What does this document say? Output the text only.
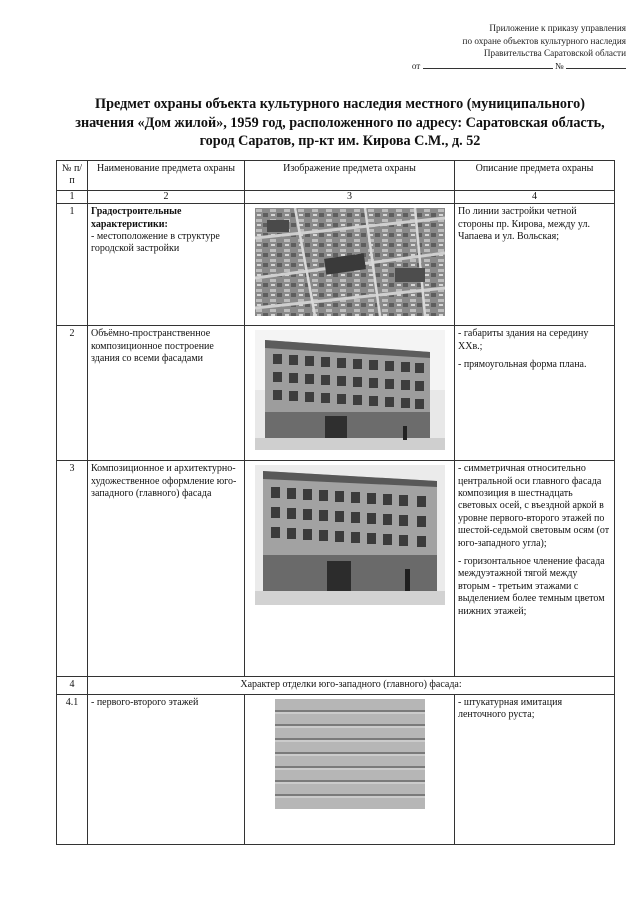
Приложение к приказу управления
по охране объектов культурного наследия
Правительства Саратовской области
от	№
Предмет охраны объекта культурного наследия местного (муниципального)
значения «Дом жилой», 1959 год, расположенного по адресу: Саратовская область,
город Саратов, пр-кт им. Кирова С.М., д. 52
№ п/п	Наименование предмета охраны	Изображение предмета охраны	Описание предмета охраны
1	2	3	4
1	Градостроительные характеристики:
- местоположение в структуре городской застройки		По линии застройки четной стороны пр. Кирова, между ул. Чапаева и ул. Вольская;

2	Объёмно-пространственное композиционное построение здания со всеми фасадами		- габариты здания на середину XXв.;

- прямоугольная форма плана.

3	Композиционное и архитектурно-художественное оформление юго-западного (главного) фасада		- симметричная относительно центральной оси главного фасада композиция в шестнадцать световых осей, с въездной аркой в уровне первого-второго этажей по шестой-седьмой световым осям (от юго-западного угла);

- горизонтальное членение фасада междуэтажной тягой между вторым - третьим этажами с выделением более темным цветом нижних этажей;

4	Характер отделки юго-западного (главного) фасада:		
4.1	- первого-второго этажей		- штукатурная имитация ленточного руста;
